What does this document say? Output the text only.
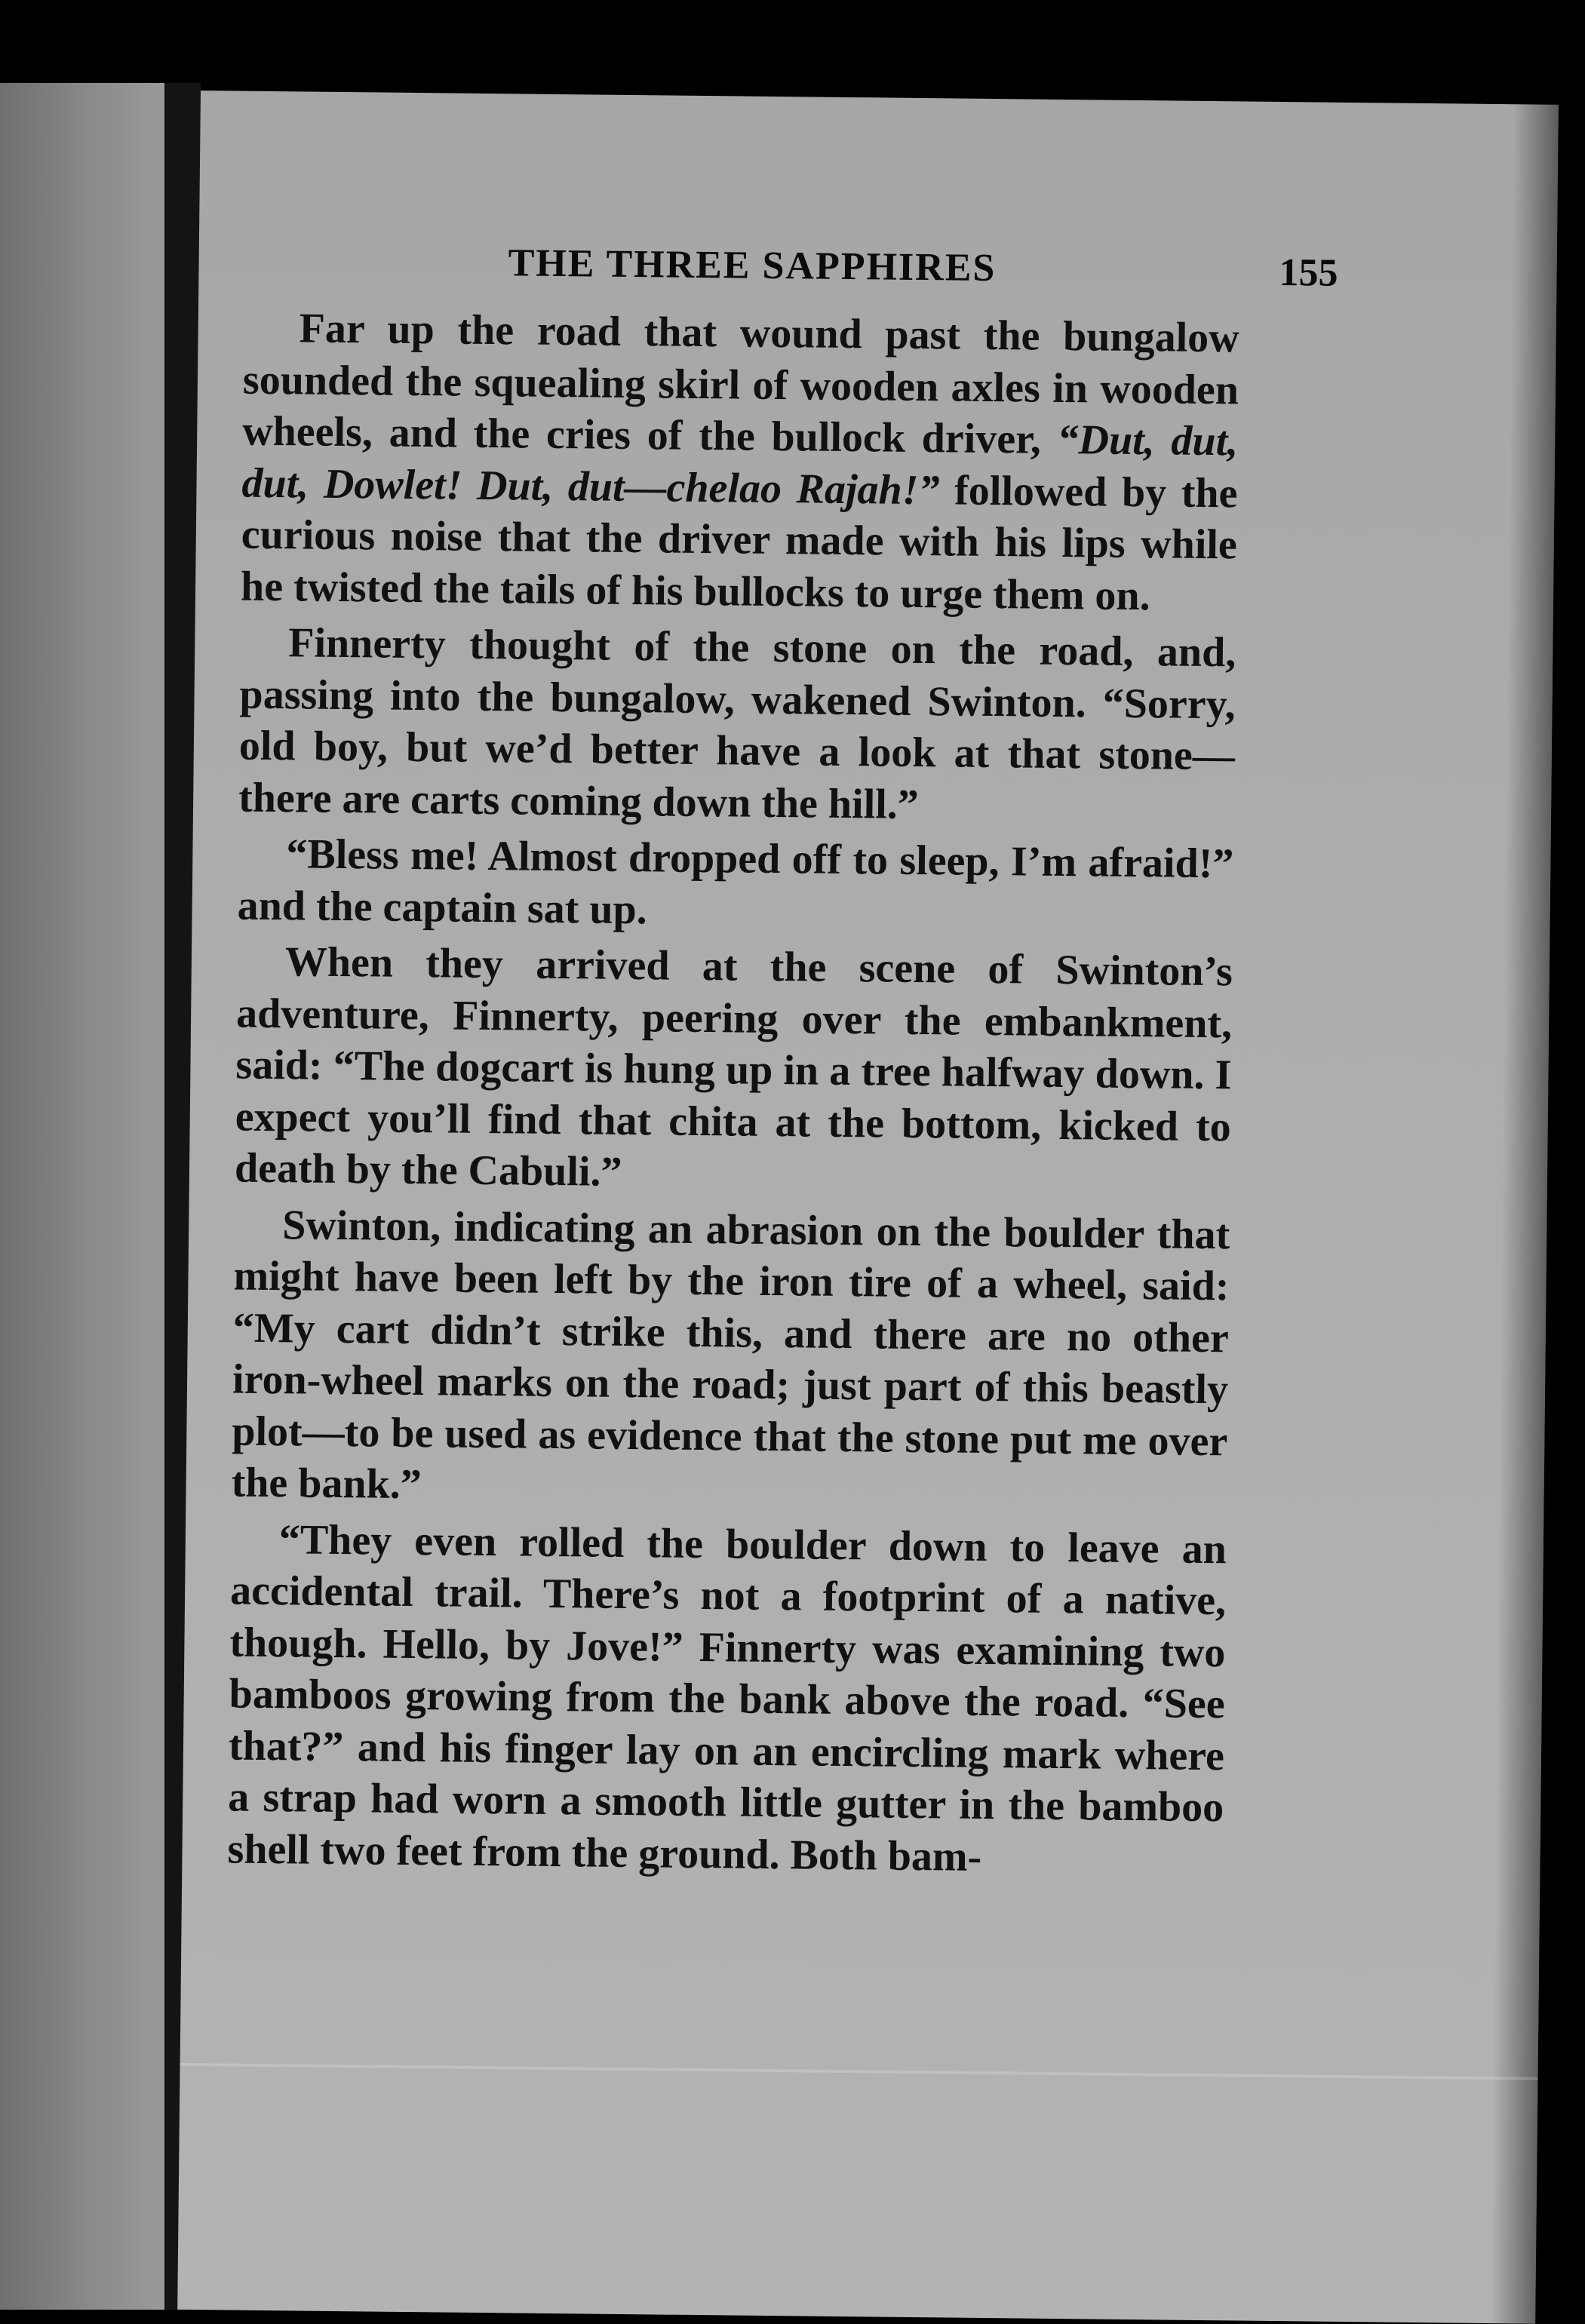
THE THREE SAPPHIRES	155

Far up the road that wound past the bungalow sounded the squealing skirl of wooden axles in wooden wheels, and the cries of the bullock driver, “Dut, dut, dut, Dowlet! Dut, dut—chelao Rajah!” followed by the curious noise that the driver made with his lips while he twisted the tails of his bullocks to urge them on.

Finnerty thought of the stone on the road, and, passing into the bungalow, wakened Swinton. “Sorry, old boy, but we’d better have a look at that stone—there are carts coming down the hill.”

“Bless me! Almost dropped off to sleep, I’m afraid!” and the captain sat up.

When they arrived at the scene of Swinton’s adventure, Finnerty, peering over the embankment, said: “The dogcart is hung up in a tree halfway down. I expect you’ll find that chita at the bottom, kicked to death by the Cabuli.”

Swinton, indicating an abrasion on the boulder that might have been left by the iron tire of a wheel, said: “My cart didn’t strike this, and there are no other iron-wheel marks on the road; just part of this beastly plot—to be used as evidence that the stone put me over the bank.”

“They even rolled the boulder down to leave an accidental trail. There’s not a footprint of a native, though. Hello, by Jove!” Finnerty was examining two bamboos growing from the bank above the road. “See that?” and his finger lay on an encircling mark where a strap had worn a smooth little gutter in the bamboo shell two feet from the ground. Both bam-
